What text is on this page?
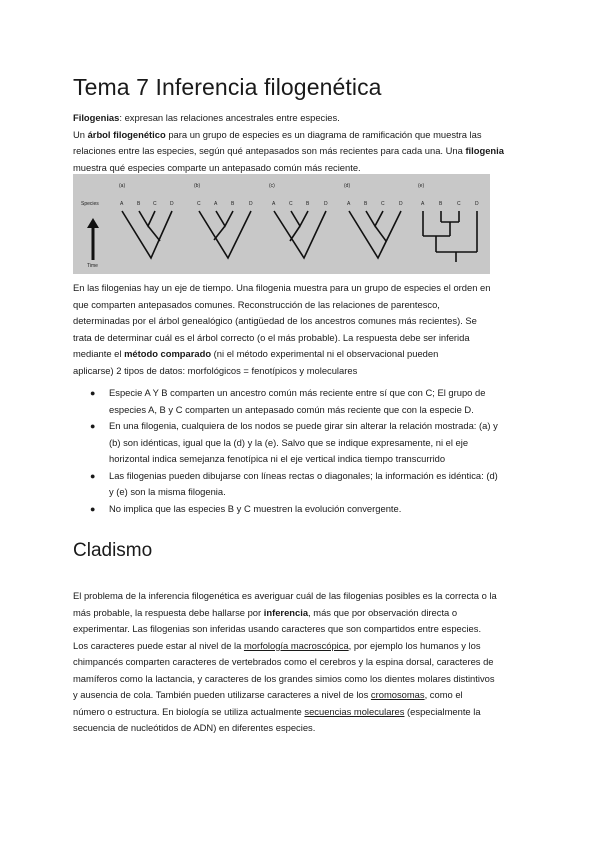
Tema 7 Inferencia filogenética
Filogenias: expresan las relaciones ancestrales entre especies.
Un árbol filogenético para un grupo de especies es un diagrama de ramificación que muestra las
relaciones entre las especies, según qué antepasados son más recientes para cada una. Una filogenia
muestra qué especies comparte un antepasado común más reciente.
Species
Time
(a)
A	B	C	D
(b)
C	A	B	D
(c)
A	C	B	D
(d)
A	B	C	D
(e)
A	B	C	D
En las filogenias hay un eje de tiempo. Una filogenia muestra para un grupo de especies el orden en
que comparten antepasados comunes. Reconstrucción de las relaciones de parentesco,
determinadas por el árbol genealógico (antigüedad de los ancestros comunes más recientes). Se
trata de determinar cuál es el árbol correcto (o el más probable). La respuesta debe ser inferida
mediante el método comparado (ni el método experimental ni el observacional pueden
aplicarse) 2 tipos de datos: morfológicos = fenotípicos y moleculares
● Especie A Y B comparten un ancestro común más reciente entre sí que con C; El grupo de
especies A, B y C comparten un antepasado común más reciente que con la especie D.
● En una filogenia, cualquiera de los nodos se puede girar sin alterar la relación mostrada: (a) y
(b) son idénticas, igual que la (d) y la (e). Salvo que se indique expresamente, ni el eje
horizontal indica semejanza fenotípica ni el eje vertical indica tiempo transcurrido
● Las filogenias pueden dibujarse con líneas rectas o diagonales; la información es idéntica: (d)
y (e) son la misma filogenia.
● No implica que las especies B y C muestren la evolución convergente.
Cladismo
El problema de la inferencia filogenética es averiguar cuál de las filogenias posibles es la correcta o la
más probable, la respuesta debe hallarse por inferencia, más que por observación directa o
experimentar. Las filogenias son inferidas usando caracteres que son compartidos entre especies.
Los caracteres puede estar al nivel de la morfología macroscópica, por ejemplo los humanos y los
chimpancés comparten caracteres de vertebrados como el cerebros y la espina dorsal, caracteres de
mamíferos como la lactancia, y caracteres de los grandes simios como los dientes molares distintivos
y ausencia de cola. También pueden utilizarse caracteres a nivel de los cromosomas, como el
número o estructura. En biología se utiliza actualmente secuencias moleculares (especialmente la
secuencia de nucleótidos de ADN) en diferentes especies.
